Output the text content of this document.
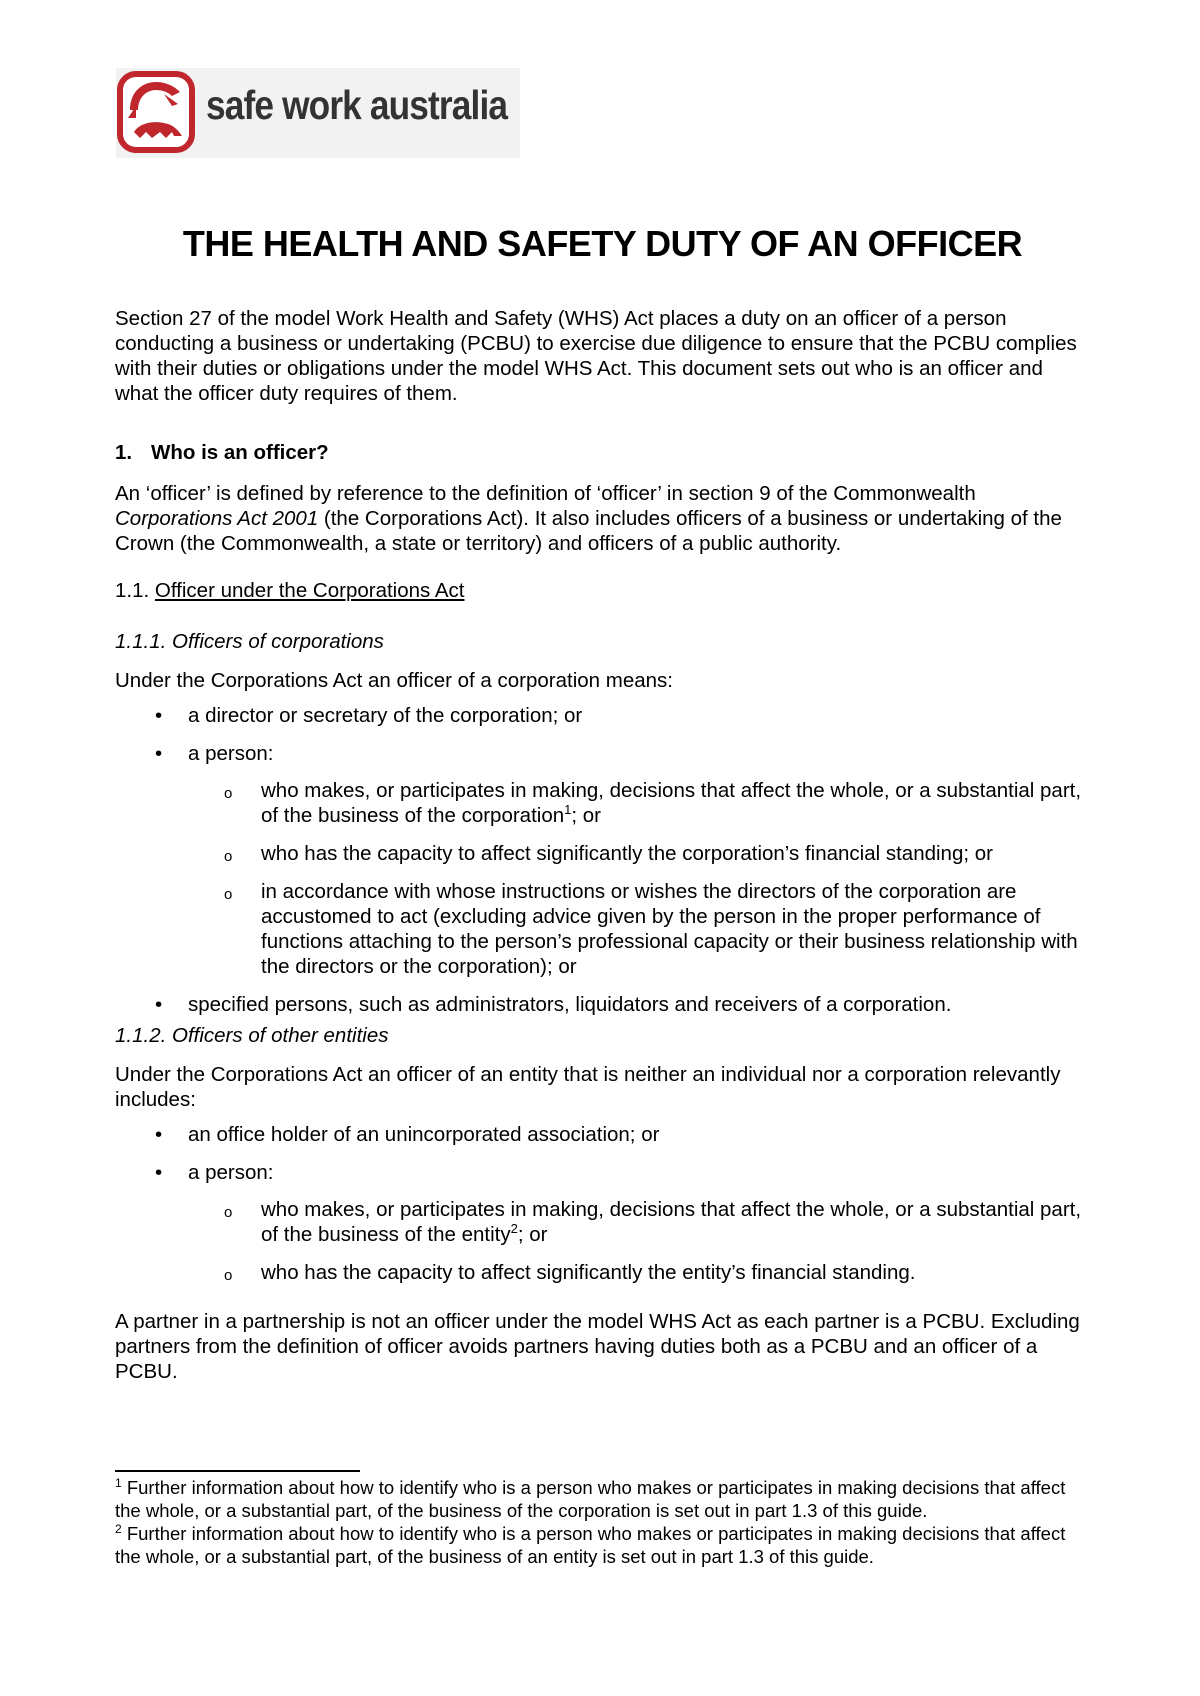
safe work australia
THE HEALTH AND SAFETY DUTY OF AN OFFICER

Section 27 of the model Work Health and Safety (WHS) Act places a duty on an officer of a person conducting a business or undertaking (PCBU) to exercise due diligence to ensure that the PCBU complies with their duties or obligations under the model WHS Act. This document sets out who is an officer and what the officer duty requires of them.

1. Who is an officer?

An ‘officer’ is defined by reference to the definition of ‘officer’ in section 9 of the Commonwealth Corporations Act 2001 (the Corporations Act). It also includes officers of a business or undertaking of the Crown (the Commonwealth, a state or territory) and officers of a public authority.

1.1. Officer under the Corporations Act

1.1.1. Officers of corporations

Under the Corporations Act an officer of a corporation means:

• a director or secretary of the corporation; or
• a person:
o who makes, or participates in making, decisions that affect the whole, or a substantial part, of the business of the corporation$^1$; or
o who has the capacity to affect significantly the corporation’s financial standing; or
o in accordance with whose instructions or wishes the directors of the corporation are accustomed to act (excluding advice given by the person in the proper performance of functions attaching to the person’s professional capacity or their business relationship with the directors or the corporation); or
• specified persons, such as administrators, liquidators and receivers of a corporation.

1.1.2. Officers of other entities

Under the Corporations Act an officer of an entity that is neither an individual nor a corporation relevantly includes:

• an office holder of an unincorporated association; or
• a person:
o who makes, or participates in making, decisions that affect the whole, or a substantial part, of the business of the entity$^2$; or
o who has the capacity to affect significantly the entity’s financial standing.

A partner in a partnership is not an officer under the model WHS Act as each partner is a PCBU. Excluding partners from the definition of officer avoids partners having duties both as a PCBU and an officer of a PCBU.

$^1$ Further information about how to identify who is a person who makes or participates in making decisions that affect the whole, or a substantial part, of the business of the corporation is set out in part 1.3 of this guide.

$^2$ Further information about how to identify who is a person who makes or participates in making decisions that affect the whole, or a substantial part, of the business of an entity is set out in part 1.3 of this guide.
